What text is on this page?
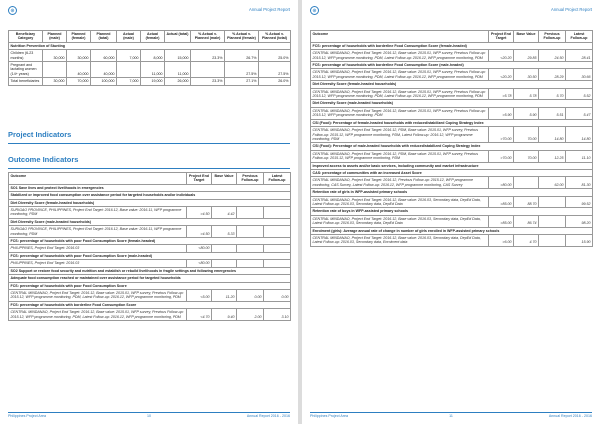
⊕	Annual Project Report
Beneficiary Category	Planned (male)	Planned (female)	Planned (total)	Actual (male)	Actual (female)	Actual (total)	% Actual v. Planned (male)	% Actual v. Planned (female)	% Actual v. Planned (total)
Nutrition Prevention of Stunting									
Children (6-23 months)	30,000	30,000	60,000	7,000	8,000	15,000	23.3%	26.7%	25.0%
Pregnant and lactating women (14+ years)		40,000	40,000		11,000	11,000		27.5%	27.5%
Total beneficiaries	30,000	70,000	100,000	7,000	19,000	26,000	23.3%	27.1%	26.0%
Project Indicators
Outcome Indicators
Outcome	Project End Target	Base Value	Previous Follow-up	Latest Follow-up
SO1 Save lives and protect livelihoods in emergencies				
Stabilized or improved food consumption over assistance period for targeted households and/or individuals				
Diet Diversity Score (female-headed households)				
SURIGAO PROVINCE, PHILIPPINES, Project End Target: 2016.12, Base value: 2016.11, WFP programme monitoring, PDM	>4.50	4.42		
Diet Diversity Score (male-headed households)				
SURIGAO PROVINCE, PHILIPPINES, Project End Target: 2016.12, Base value: 2016.11, WFP programme monitoring, PDM	>4.50	5.33		
FCS: percentage of households with poor Food Consumption Score (female-headed)				
PHILIPPINES, Project End Target: 2016.03	<80.00			
FCS: percentage of households with poor Food Consumption Score (male-headed)				
PHILIPPINES, Project End Target: 2016.03	<80.00			
SO2 Support or restore food security and nutrition and establish or rebuild livelihoods in fragile settings and following emergencies				
Adequate food consumption reached or maintained over assistance period for targeted households				
FCS: percentage of households with poor Food Consumption Score				
CENTRAL MINDANAO, Project End Target: 2016.12, Base value: 2015.01, WFP survey, Previous Follow-up: 2015.12, WFP programme monitoring, PDM, Latest Follow-up: 2016.12, WFP programme monitoring, PDM	<5.00	11.20	0.00	0.00
FCS: percentage of households with borderline Food Consumption Score				
CENTRAL MINDANAO, Project End Target: 2016.12, Base value: 2015.01, WFP survey, Previous Follow-up: 2015.12, WFP programme monitoring, PDM, Latest Follow-up: 2016.12, WFP programme monitoring, PDM	<4.70	9.40	2.00	3.10
Philippines Project Area	10	Annual Report 2016 - 2016
⊕	Annual Project Report
Outcome	Project End Target	Base Value	Previous Follow-up	Latest Follow-up
FCS: percentage of households with borderline Food Consumption Score (female-headed)				
CENTRAL MINDANAO, Project End Target: 2016.12, Base value: 2015.01, WFP survey, Previous Follow-up: 2015.12, WFP programme monitoring, PDM, Latest Follow-up: 2016.12, WFP programme monitoring, PDM	<20.20	29.85	24.50	28.41
FCS: percentage of households with borderline Food Consumption Score (male-headed)				
CENTRAL MINDANAO, Project End Target: 2016.12, Base value: 2015.01, WFP survey, Previous Follow-up: 2015.12, WFP programme monitoring, PDM, Latest Follow-up: 2016.12, WFP programme monitoring, PDM	<20.20	30.50	28.29	30.66
Diet Diversity Score (female-headed households)				
CENTRAL MINDANAO, Project End Target: 2016.12, Base value: 2015.01, WFP survey, Previous Follow-up: 2015.12, WFP programme monitoring, PDM, Latest Follow-up: 2016.12, WFP programme monitoring, PDM	>5.78	5.78	5.70	5.52
Diet Diversity Score (male-headed households)				
CENTRAL MINDANAO, Project End Target: 2016.12, Base value: 2015.01, WFP survey, Previous Follow-up: 2015.12, WFP programme monitoring, PDM	>5.90	5.90	5.51	5.47
CSI (Food): Percentage of female-headed households with reduced/stabilized Coping Strategy Index				
CENTRAL MINDANAO, Project End Target: 2016.12, PDM, Base value: 2015.01, WFP survey, Previous Follow-up: 2015.12, WFP programme monitoring, PDM, Latest Follow-up: 2016.12, WFP programme monitoring, PDM	>70.00	70.00	14.80	14.80
CSI (Food): Percentage of male-headed households with reduced/stabilized Coping Strategy Index				
CENTRAL MINDANAO, Project End Target: 2016.12, PDM, Base value: 2015.01, WFP survey, Previous Follow-up: 2015.12, WFP programme monitoring, PDM	>70.00	70.00	12.25	11.10
Improved access to assets and/or basic services, including community and market infrastructure				
CAS: percentage of communities with an increased Asset Score				
CENTRAL MINDANAO, Project End Target: 2016.12, Previous Follow-up: 2015.12, WFP programme monitoring, CAS Survey, Latest Follow-up: 2016.12, WFP programme monitoring, CAS Survey	>80.00		62.00	81.30
Retention rate of girls in WFP-assisted primary schools				
CENTRAL MINDANAO, Project End Target: 2016.12, Base value: 2016.03, Secondary data, DepEd Data, Latest Follow-up: 2016.03, Secondary data, DepEd Data	>85.00	88.70		99.52
Retention rate of boys in WFP-assisted primary schools				
CENTRAL MINDANAO, Project End Target: 2016.12, Base value: 2016.03, Secondary data, DepEd Data, Latest Follow-up: 2016.03, Secondary data, DepEd Data	>85.00	86.74		98.20
Enrolment (girls): Average annual rate of change in number of girls enrolled in WFP-assisted primary schools				
CENTRAL MINDANAO, Project End Target: 2016.12, Base value: 2016.03, Secondary data, DepEd Data, Latest Follow-up: 2016.03, Secondary data, Enrolment data	>6.00	4.70		15.90
Philippines Project Area	11	Annual Report 2016 - 2016
